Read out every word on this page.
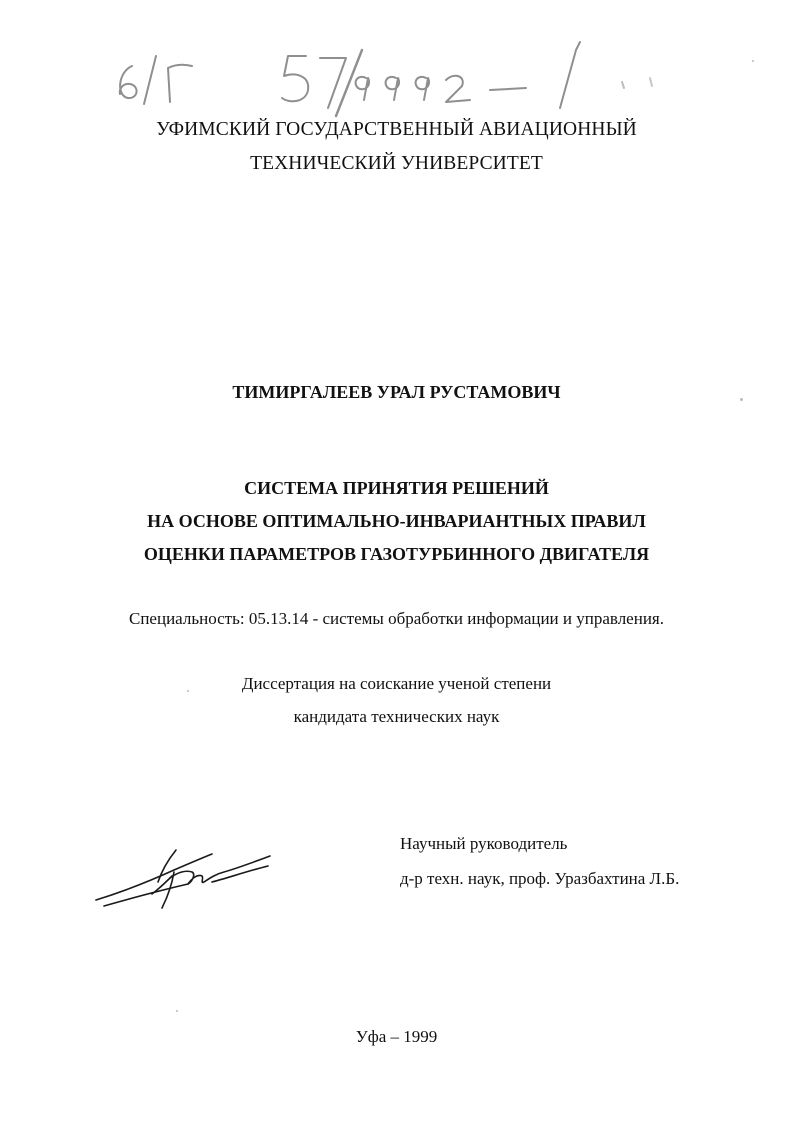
УФИМСКИЙ ГОСУДАРСТВЕННЫЙ АВИАЦИОННЫЙ
ТЕХНИЧЕСКИЙ УНИВЕРСИТЕТ
ТИМИРГАЛЕЕВ УРАЛ РУСТАМОВИЧ
СИСТЕМА ПРИНЯТИЯ РЕШЕНИЙ
НА ОСНОВЕ ОПТИМАЛЬНО-ИНВАРИАНТНЫХ ПРАВИЛ
ОЦЕНКИ ПАРАМЕТРОВ ГАЗОТУРБИННОГО ДВИГАТЕЛЯ
Специальность: 05.13.14 - системы обработки информации и управления.
Диссертация на соискание ученой степени
кандидата технических наук
Научный руководитель
д-р техн. наук, проф. Уразбахтина Л.Б.
Уфа – 1999
